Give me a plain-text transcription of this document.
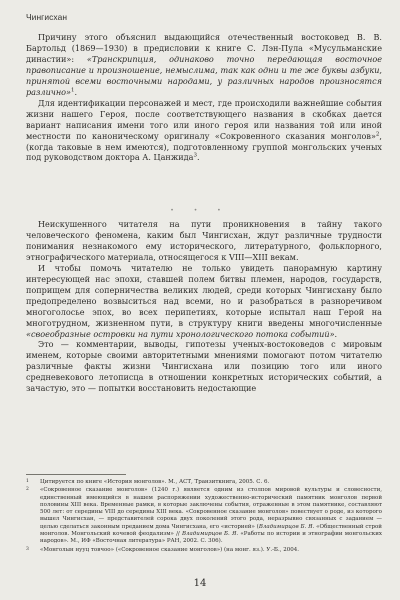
Чингисхан

Причину этого объяснил выдающийся отечественный востоковед В. В. Бартольд (1869—1930) в предисловии к книге С. Лэн-Пула «Мусульманские династии»: «Транскрипция, одинаково точно передающая восточное правописание и произношение, немыслима, так как одни и те же буквы азбуки, принятой всеми восточными народами, у различных народов произносятся различно»$^1$.

Для идентификации персонажей и мест, где происходили важнейшие события жизни нашего Героя, после соответствующего названия в скобках дается вариант написания имени того или иного героя или названия той или иной местности по каноническому оригиналу «Сокровенного сказания монголов»$^2$, (когда таковые в нем имеются), подготовленному группой монгольских ученых под руководством доктора А. Цанжида$^3$.

• • •

Неискушенного читателя на пути проникновения в тайну такого человеческого феномена, каким был Чингисхан, ждут различные трудности понимания незнакомого ему исторического, литературного, фольклорного, этнографического материала, относящегося к VIII—XIII векам.

И чтобы помочь читателю не только увидеть панорамную картину интересующей нас эпохи, ставшей полем битвы племен, народов, государств, поприщем для соперничества великих людей, среди которых Чингисхану было предопределено возвыситься над всеми, но и разобраться в разноречивом многоголосье эпох, во всех перипетиях, которые испытал наш Герой на многотрудном, жизненном пути, в структуру книги введены многочисленные «своеобразные островки на пути хронологического потока событий».

Это — комментарии, выводы, гипотезы ученых-востоковедов с мировым именем, которые своими авторитетными мнениями помогают потом читателю различные факты жизни Чингисхана или позицию того или иного средневекового летописца в отношении конкретных исторических событий, а зачастую, это — попытки восстановить недостающие

1 Цитируется по книге «История монголов». М., АСТ, Транзиткнига, 2005. С. 6.
2 «Сокровенное сказание монголов» (1240 г.) является одним из столпов мировой культуры и словесности, единственный имеющийся в нашем распоряжении художественно-исторический памятник монголов первой половины XIII века. Временные рамки, в которые заключены события, отраженные в этом памятнике, составляют 500 лет: от середины VIII до середины XIII века. «Сокровенное сказание монголов» повествует о роде, из которого вышел Чингисхан, — представителей сорока двух поколений этого рода, неразрывно связанных с заданием — целью сделаться законным преданием дома Чингисхана, его «историей» (Владимирцов Б. Я. «Общественный строй монголов. Монгольский кочевой феодализм» // Владимирцов Б. Я. «Работы по истории и этнографии монгольских народов». М., ИФ «Восточная литература» РАН, 2002. С. 306).
3 «Монголын нууц товчоо» («Сокровенное сказание монголов») (на монг. яз.). У.-Б., 2004.
14
